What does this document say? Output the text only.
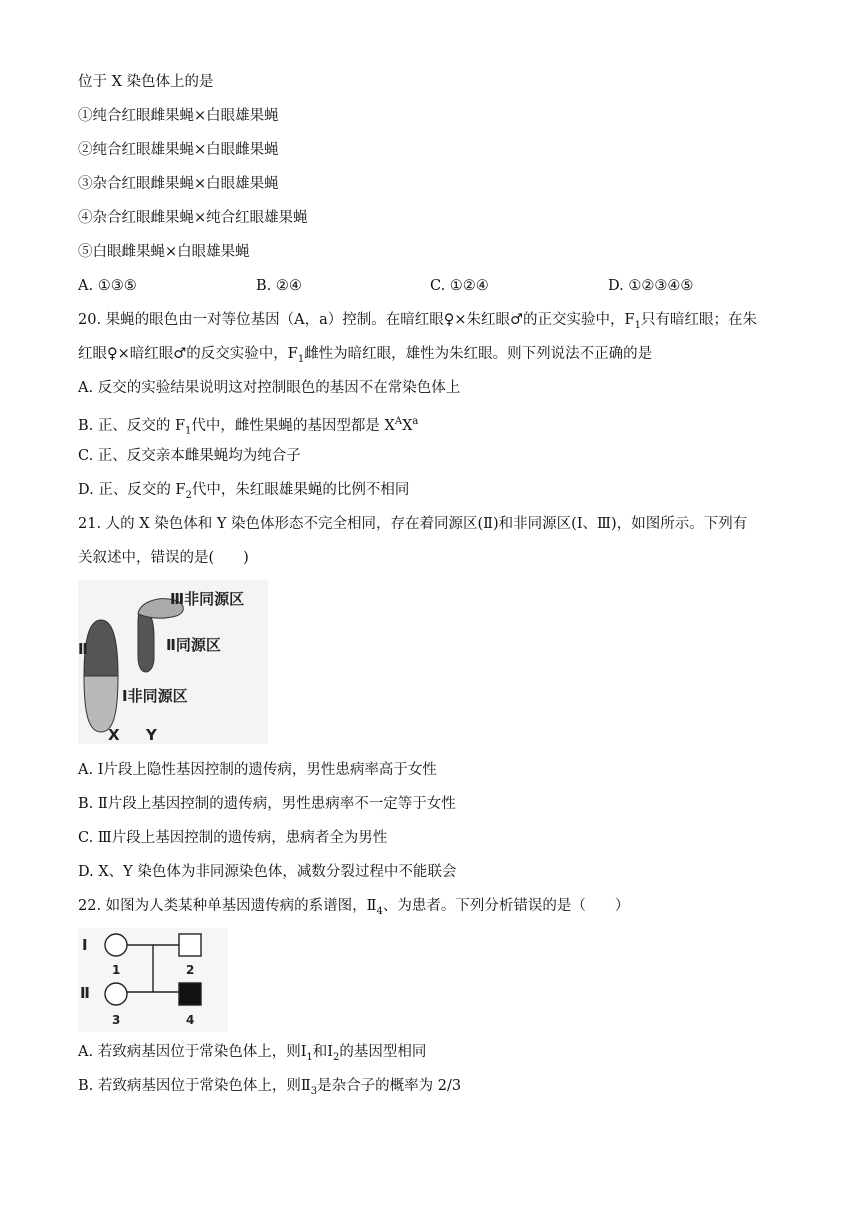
位于 X 染色体上的是
①纯合红眼雌果蝇×白眼雄果蝇
②纯合红眼雄果蝇×白眼雌果蝇
③杂合红眼雌果蝇×白眼雄果蝇
④杂合红眼雌果蝇×纯合红眼雄果蝇
⑤白眼雌果蝇×白眼雄果蝇
A. ①③⑤	B. ②④	C. ①②④	D. ①②③④⑤
20. 果蝇的眼色由一对等位基因（A，a）控制。在暗红眼♀×朱红眼♂的正交实验中，$F_1$只有暗红眼；在朱
红眼♀×暗红眼♂的反交实验中，$F_1$雌性为暗红眼，雄性为朱红眼。则下列说法不正确的是
A. 反交的实验结果说明这对控制眼色的基因不在常染色体上
B. 正、反交的 $F_1$代中，雌性果蝇的基因型都是 $X^AX^a$
C. 正、反交亲本雌果蝇均为纯合子
D. 正、反交的 $F_2$代中，朱红眼雄果蝇的比例不相同
21. 人的 X 染色体和 Y 染色体形态不完全相同，存在着同源区(Ⅱ)和非同源区(Ⅰ、Ⅲ)，如图所示。下列有
关叙述中，错误的是(　　)
Ⅲ非同源区
Ⅱ同源区
Ⅱ
Ⅰ非同源区
X Y
A. Ⅰ片段上隐性基因控制的遗传病，男性患病率高于女性
B. Ⅱ片段上基因控制的遗传病，男性患病率不一定等于女性
C. Ⅲ片段上基因控制的遗传病，患病者全为男性
D. X、Y 染色体为非同源染色体，减数分裂过程中不能联会
22. 如图为人类某种单基因遗传病的系谱图，$Ⅱ_4$、为患者。下列分析错误的是（　　）
Ⅰ
Ⅱ
1	2
3	4
A. 若致病基因位于常染色体上，则$Ⅰ_1$和$Ⅰ_2$的基因型相同
B. 若致病基因位于常染色体上，则$Ⅱ_3$是杂合子的概率为 2/3
